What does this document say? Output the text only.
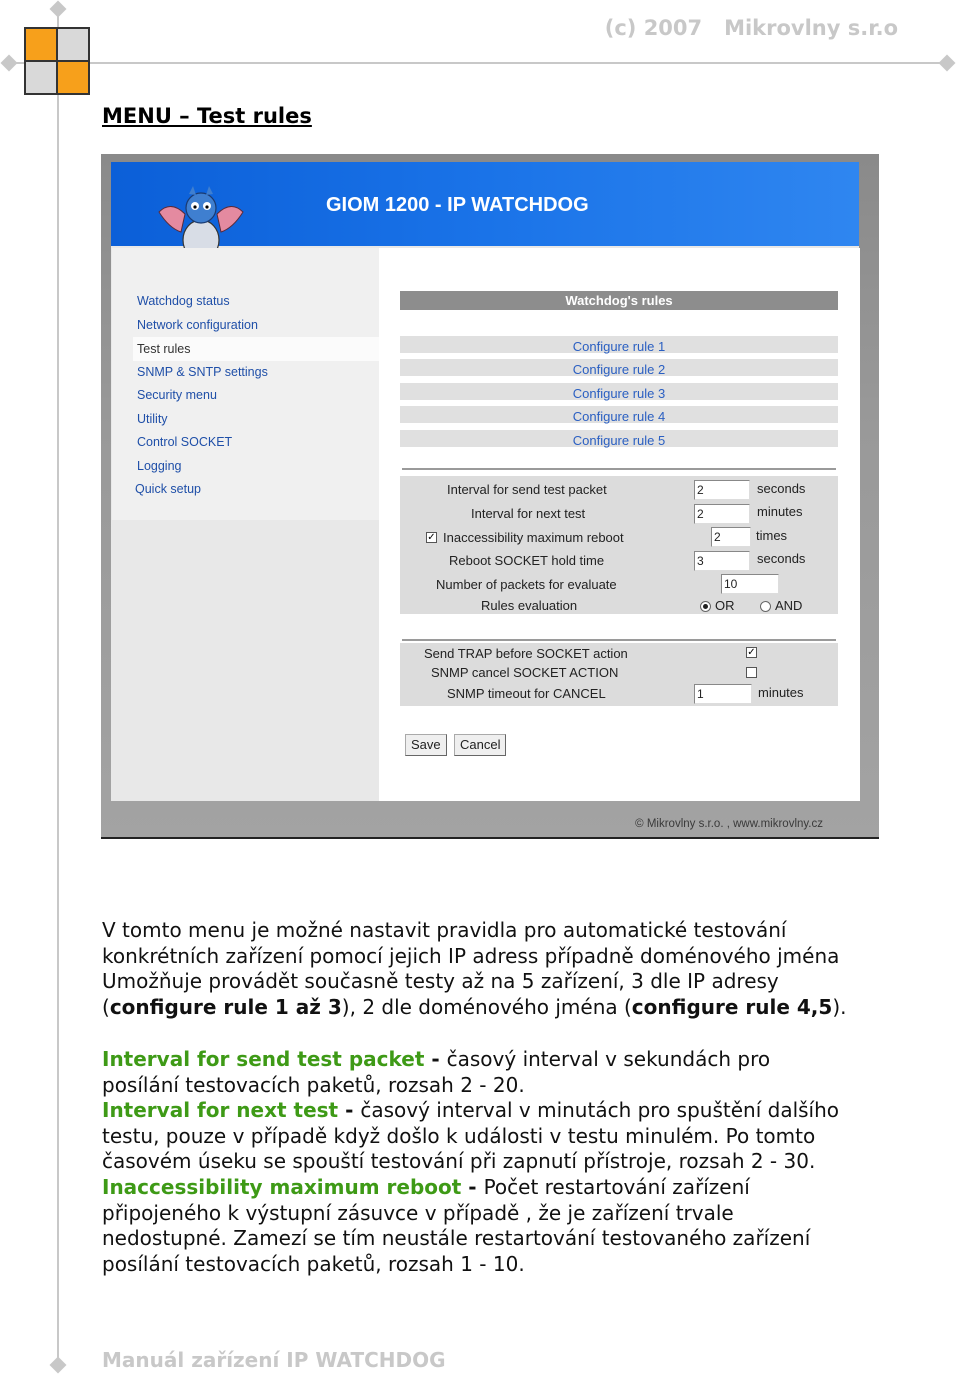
(c) 2007   Mikrovlny s.r.o
MENU – Test rules
GIOM 1200 - IP WATCHDOG
Watchdog status
Network configuration
Test rules
SNMP & SNTP settings
Security menu
Utility
Control SOCKET
Logging
Quick setup
Watchdog's rules
Configure rule 1
Configure rule 2
Configure rule 3
Configure rule 4
Configure rule 5
Interval for send test packet	2	seconds
Interval for next test	2	minutes
✓ Inaccessibility maximum reboot	2	times
Reboot SOCKET hold time	3	seconds
Number of packets for evaluate	10
Rules evaluation	OR	AND
Send TRAP before SOCKET action	✓
SNMP cancel SOCKET ACTION
SNMP timeout for CANCEL	1	minutes
Save	Cancel
© Mikrovlny s.r.o. , www.mikrovlny.cz
V tomto menu je možné nastavit pravidla pro automatické testování
konkrétních zařízení pomocí jejich IP adress případně doménového jména
Umožňuje provádět současně testy až na 5 zařízení, 3 dle IP adresy
(configure rule 1 až 3), 2 dle doménového jména (configure rule 4,5).
Interval for send test packet - časový interval v sekundách pro
posílání testovacích paketů, rozsah 2 - 20.
Interval for next test - časový interval v minutách pro spuštění dalšího
testu, pouze v případě když došlo k události v testu minulém. Po tomto
časovém úseku se spouští testování při zapnutí přístroje, rozsah 2 - 30.
Inaccessibility maximum reboot - Počet restartování zařízení
připojeného k výstupní zásuvce v případě , že je zařízení trvale
nedostupné. Zamezí se tím neustále restartování testovaného zařízení
posílání testovacích paketů, rozsah 1 - 10.
Manuál zařízení IP WATCHDOG
